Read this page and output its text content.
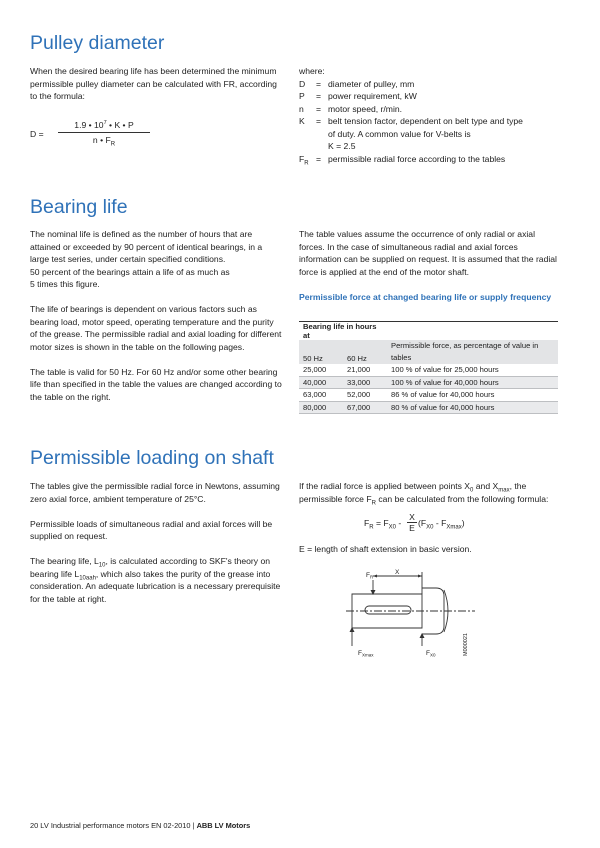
Pulley diameter

When the desired bearing life has been determined the minimum permissible pulley diameter can be calculated with FR, according to the formula:

D =
1.9 • $10^7$ • K • P
n • $F_R$
where:
D	= diameter of pulley, mm
P	= power requirement, kW
n	= motor speed, r/min.
K	= belt tension factor, dependent on belt type and type of duty. A common value for V-belts is
K = 2.5
$F_R$ = permissible radial force according to the tables
Bearing life

The nominal life is defined as the number of hours that are attained or exceeded by 90 percent of identical bearings, in a large test series, under certain specified conditions.
50 percent of the bearings attain a life of as much as
5 times this figure.

The life of bearings is dependent on various factors such as bearing load, motor speed, operating temperature and the purity of the grease. The permissible radial and axial loading for different motor sizes is shown in the table on the following pages.

The table is valid for 50 Hz. For 60 Hz and/or some other bearing life than specified in the table the values are changed according to the table on the right.

The table values assume the occurrence of only radial or axial forces. In the case of simultaneous radial and axial forces information can be supplied on request. It is assumed that the radial force is applied at the end of the motor shaft.

Permissible force at changed bearing life or supply frequency
Bearing life in hours at		
50 Hz	60 Hz	Permissible force, as percentage of value in tables
25,000	21,000	100 % of value for 25,000 hours
40,000	33,000	100 % of value for 40,000 hours
63,000	52,000	86 % of value for 40,000 hours
80,000	67,000	80 % of value for 40,000 hours
Permissible loading on shaft

The tables give the permissible radial force in Newtons, assuming zero axial force, ambient temperature of 25°C.

Permissible loads of simultaneous radial and axial forces will be supplied on request.

The bearing life, $L_{10}$, is calculated according to SKF's theory on bearing life $L_{10aah}$, which also takes the purity of the grease into consideration. An adequate lubrication is a necessary prerequisite for the table at right.

If the radial force is applied between points $X_0$ and $X_{max}$, the permissible force $F_R$ can be calculated from the following formula:

$F_R = F_{X0}$ -
X
E $(F_{X0} - F_{Xmax})$
E = length of shaft extension in basic version.
$F_R$
X
$F_{Xmax}$	$F_{X0}$	M000021
20 LV Industrial performance motors EN 02-2010 | ABB LV Motors
